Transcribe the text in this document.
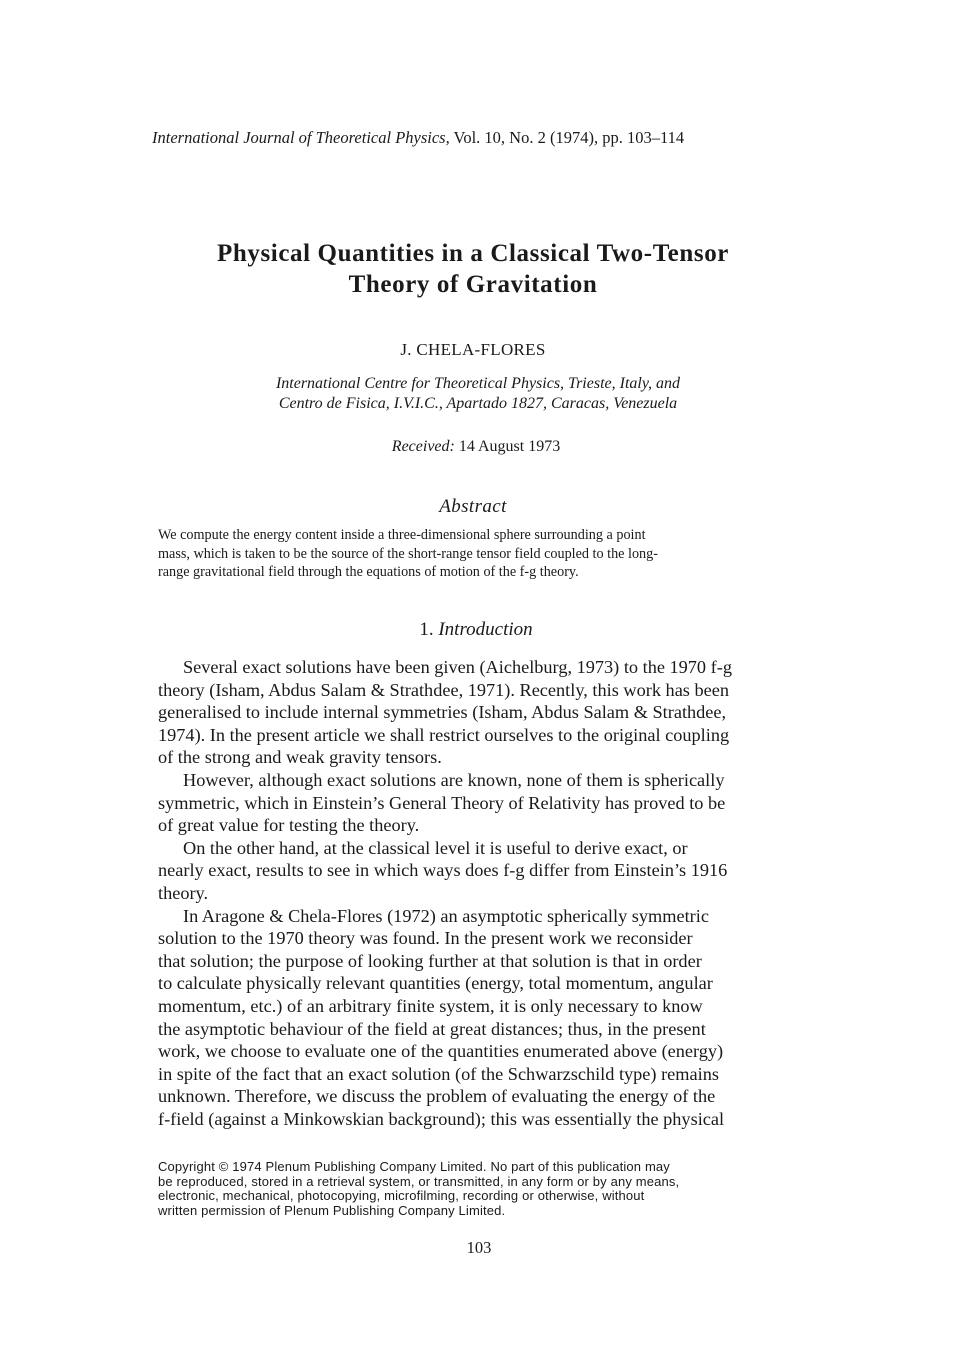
International Journal of Theoretical Physics, Vol. 10, No. 2 (1974), pp. 103–114
Physical Quantities in a Classical Two-Tensor
Theory of Gravitation
J. CHELA-FLORES
International Centre for Theoretical Physics, Trieste, Italy, and
Centro de Fisica, I.V.I.C., Apartado 1827, Caracas, Venezuela
Received: 14 August 1973
Abstract
We compute the energy content inside a three-dimensional sphere surrounding a point
mass, which is taken to be the source of the short-range tensor field coupled to the long-
range gravitational field through the equations of motion of the f-g theory.
1. Introduction
Several exact solutions have been given (Aichelburg, 1973) to the 1970 f-g
theory (Isham, Abdus Salam & Strathdee, 1971). Recently, this work has been
generalised to include internal symmetries (Isham, Abdus Salam & Strathdee,
1974). In the present article we shall restrict ourselves to the original coupling
of the strong and weak gravity tensors.
However, although exact solutions are known, none of them is spherically
symmetric, which in Einstein’s General Theory of Relativity has proved to be
of great value for testing the theory.
On the other hand, at the classical level it is useful to derive exact, or
nearly exact, results to see in which ways does f-g differ from Einstein’s 1916
theory.
In Aragone & Chela-Flores (1972) an asymptotic spherically symmetric
solution to the 1970 theory was found. In the present work we reconsider
that solution; the purpose of looking further at that solution is that in order
to calculate physically relevant quantities (energy, total momentum, angular
momentum, etc.) of an arbitrary finite system, it is only necessary to know
the asymptotic behaviour of the field at great distances; thus, in the present
work, we choose to evaluate one of the quantities enumerated above (energy)
in spite of the fact that an exact solution (of the Schwarzschild type) remains
unknown. Therefore, we discuss the problem of evaluating the energy of the
f-field (against a Minkowskian background); this was essentially the physical
Copyright © 1974 Plenum Publishing Company Limited. No part of this publication may
be reproduced, stored in a retrieval system, or transmitted, in any form or by any means,
electronic, mechanical, photocopying, microfilming, recording or otherwise, without
written permission of Plenum Publishing Company Limited.
103
